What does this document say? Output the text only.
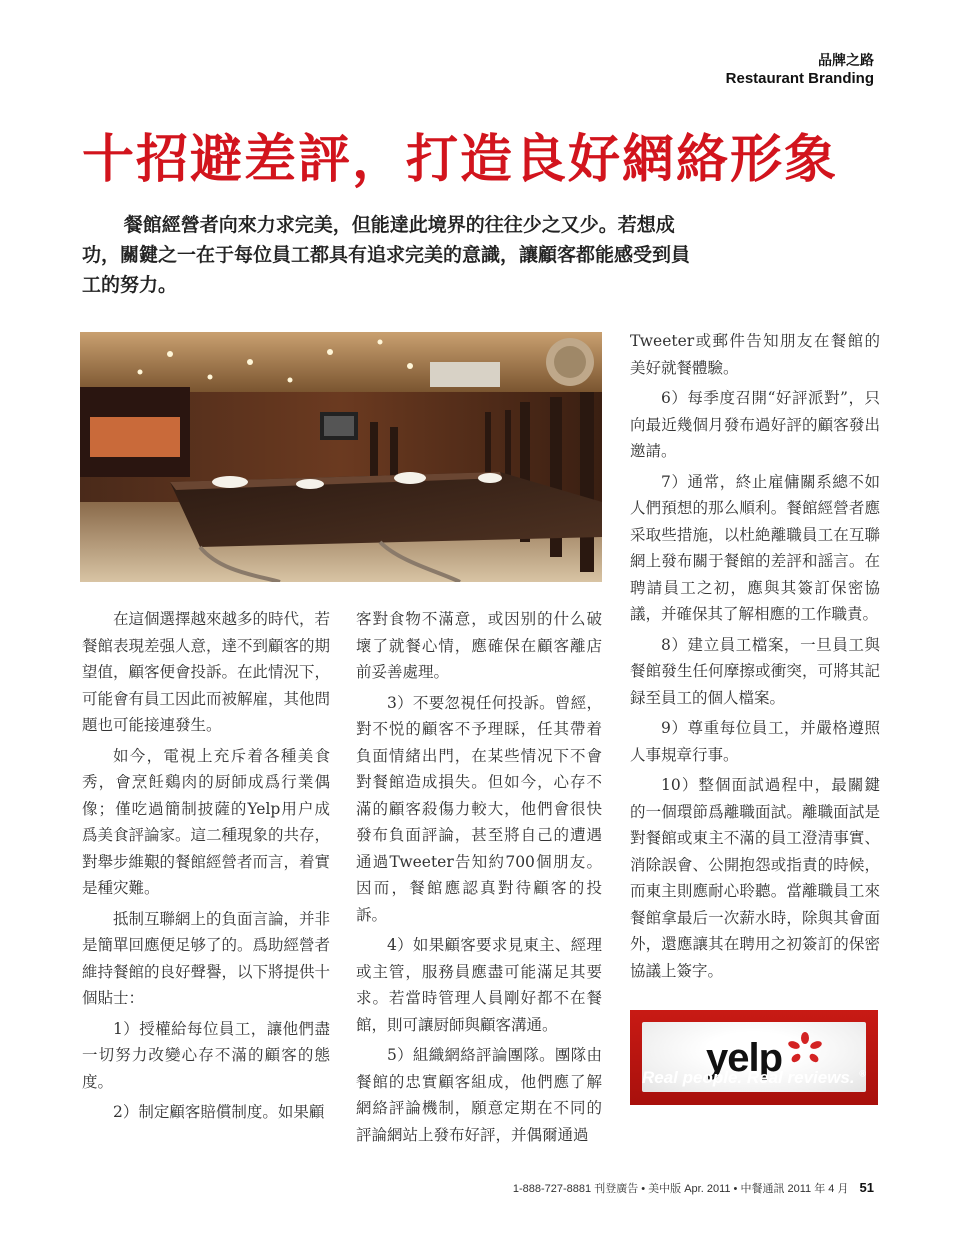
品牌之路
Restaurant Branding
十招避差評，打造良好網絡形象

餐館經營者向來力求完美，但能達此境界的往往少之又少。若想成功，關鍵之一在于每位員工都具有追求完美的意識，讓顧客都能感受到員工的努力。

在這個選擇越來越多的時代，若餐館表現差强人意，達不到顧客的期望值，顧客便會投訴。在此情況下，可能會有員工因此而被解雇，其他問題也可能接連發生。

如今，電視上充斥着各種美食秀，會烹飪鷄肉的厨師成爲行業偶像；僅吃過簡制披薩的Yelp用户成爲美食評論家。這二種現象的共存，對舉步維艱的餐館經營者而言，着實是種灾難。

抵制互聯網上的負面言論，并非是簡單回應便足够了的。爲助經營者維持餐館的良好聲譽，以下將提供十個貼士：

1）授權給每位員工，讓他們盡一切努力改變心存不滿的顧客的態度。

2）制定顧客賠償制度。如果顧

客對食物不滿意，或因别的什么破壞了就餐心情，應確保在顧客離店前妥善處理。

3）不要忽視任何投訴。曾經，對不悦的顧客不予理睬，任其帶着負面情緒出門，在某些情况下不會對餐館造成損失。但如今，心存不滿的顧客殺傷力較大，他們會很快發布負面評論，甚至將自己的遭遇通過Tweeter告知約700個朋友。因而，餐館應認真對待顧客的投訴。

4）如果顧客要求見東主、經理或主管，服務員應盡可能滿足其要求。若當時管理人員剛好都不在餐館，則可讓厨師與顧客溝通。

5）組織網絡評論團隊。團隊由餐館的忠實顧客組成，他們應了解網絡評論機制，願意定期在不同的評論網站上發布好評，并偶爾通過

Tweeter或郵件告知朋友在餐館的美好就餐體驗。

6）每季度召開“好評派對”，只向最近幾個月發布過好評的顧客發出邀請。

7）通常，終止雇傭關系總不如人們預想的那么順利。餐館經營者應采取些措施，以杜絶離職員工在互聯網上發布關于餐館的差評和謡言。在聘請員工之初，應與其簽訂保密協議，并確保其了解相應的工作職責。

8）建立員工檔案，一旦員工與餐館發生任何摩擦或衝突，可將其記録至員工的個人檔案。

9）尊重每位員工，并嚴格遵照人事規章行事。

10）整個面試過程中，最關鍵的一個環節爲離職面試。離職面試是對餐館或東主不滿的員工澄清事實、消除誤會、公開抱怨或指責的時候，而東主則應耐心聆聽。當離職員工來餐館拿最后一次薪水時，除與其會面外，還應讓其在聘用之初簽訂的保密協議上簽字。

yelp
Real people. Real reviews. ®
1-888-727-8881 刊登廣告 • 美中版 Apr. 2011 • 中餐通訊 2011 年 4 月 51
